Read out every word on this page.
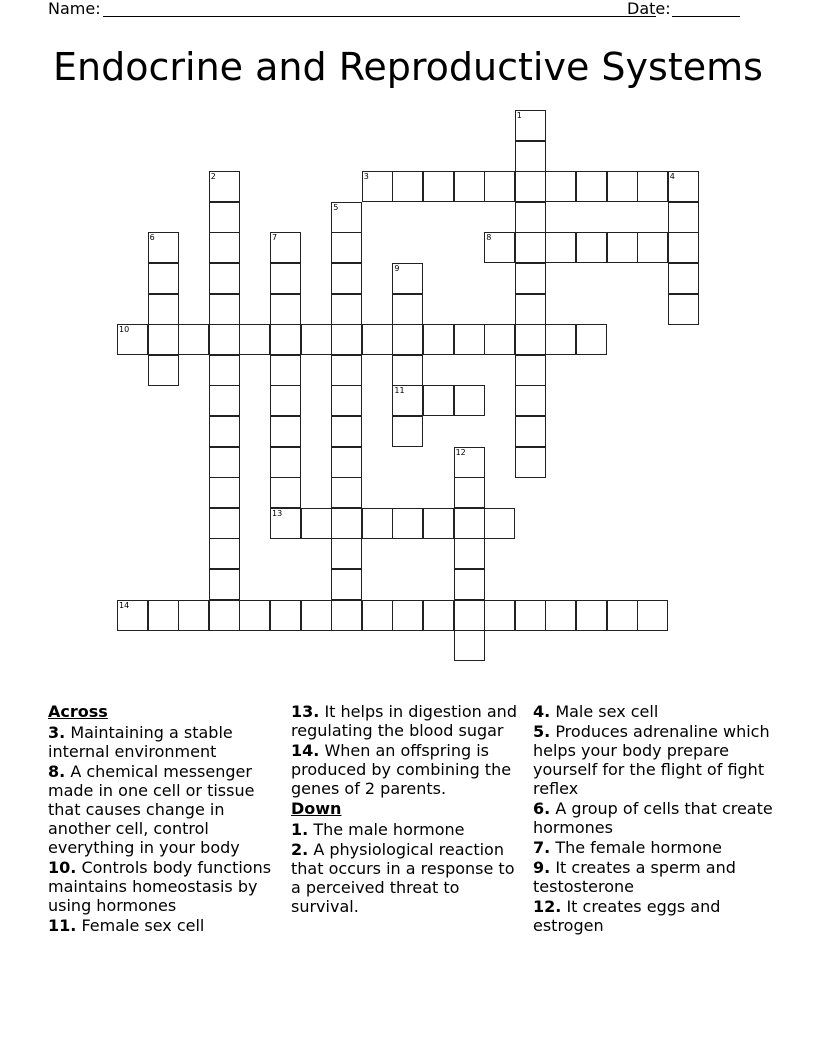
Name:	Date:
Endocrine and Reproductive Systems
1
2	3	4
5
6	7	8
9
11
10
12
13
14
Across
3. Maintaining a stable internal environment
8. A chemical messenger made in one cell or tissue that causes change in another cell, control everything in your body
10. Controls body functions maintains homeostasis by using hormones
11. Female sex cell
13. It helps in digestion and regulating the blood sugar
14. When an offspring is produced by combining the genes of 2 parents.
Down
1. The male hormone
2. A physiological reaction that occurs in a response to a perceived threat to survival.
4. Male sex cell
5. Produces adrenaline which helps your body prepare yourself for the flight of fight reflex
6. A group of cells that create hormones
7. The female hormone
9. It creates a sperm and testosterone
12. It creates eggs and estrogen
